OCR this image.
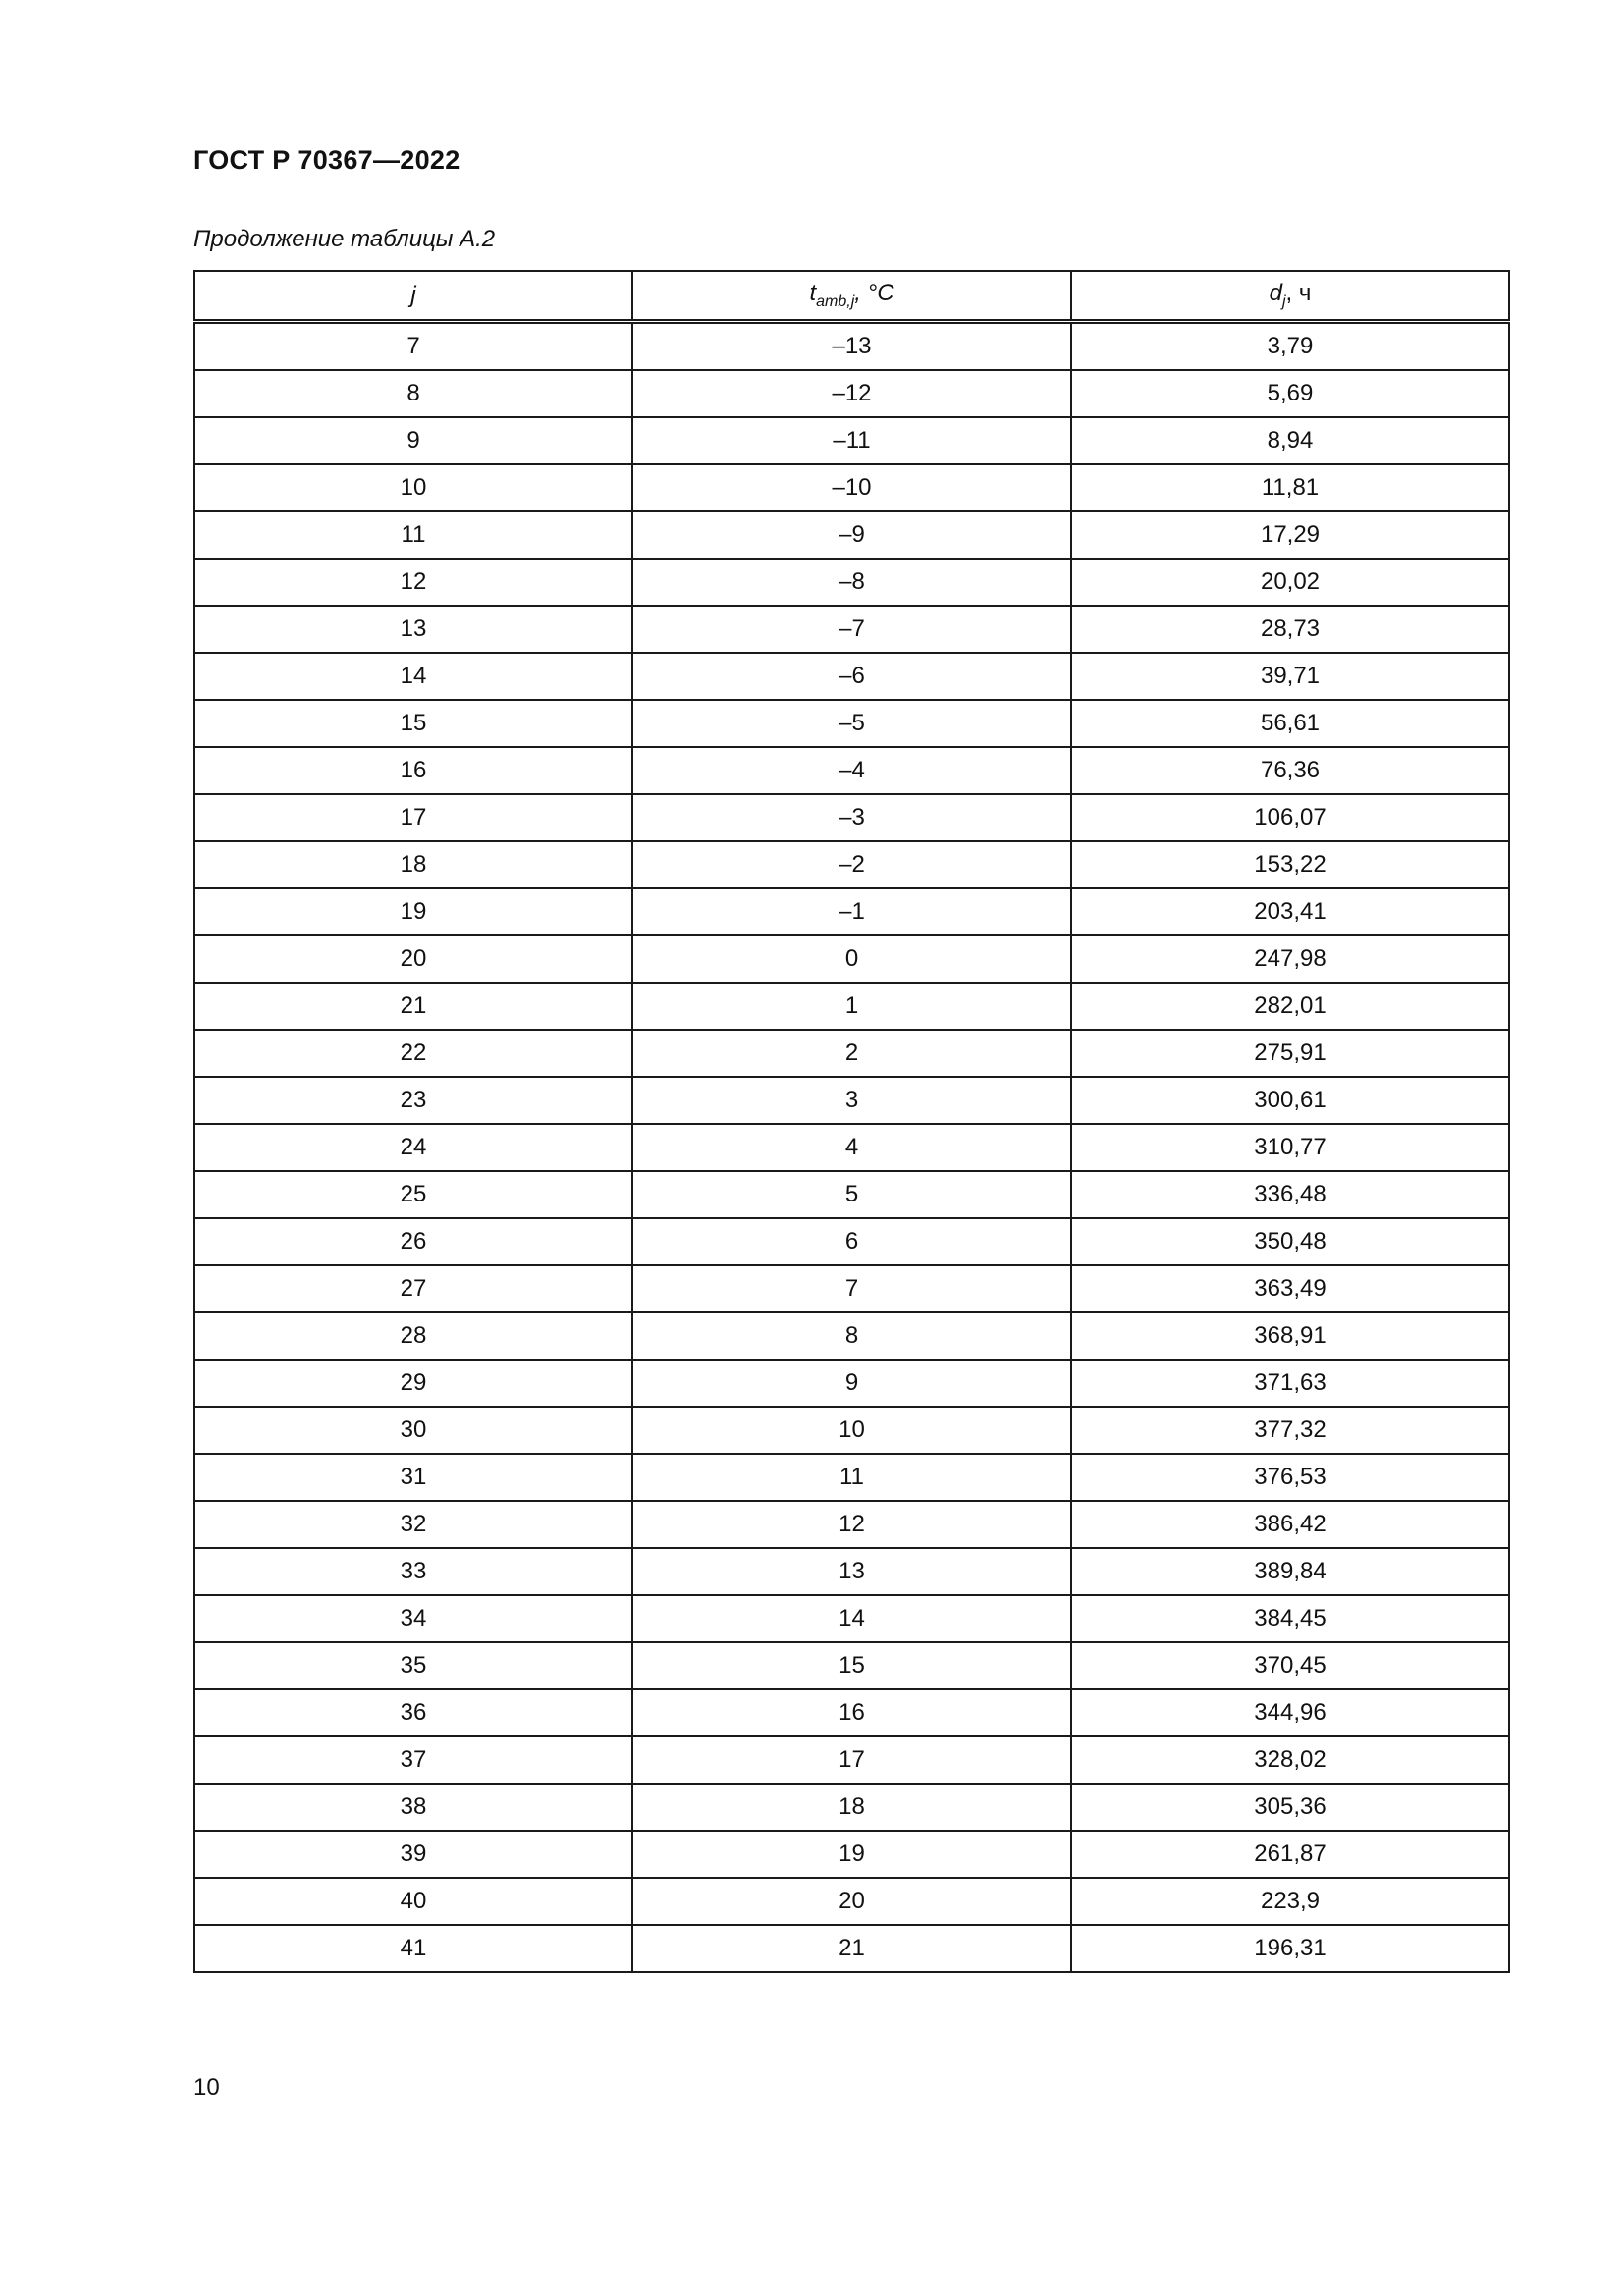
ГОСТ Р 70367—2022
Продолжение таблицы А.2
j	$t_{amb,j}$, °C	$d_j$, ч
7	–13	3,79
8	–12	5,69
9	–11	8,94
10	–10	11,81
11	–9	17,29
12	–8	20,02
13	–7	28,73
14	–6	39,71
15	–5	56,61
16	–4	76,36
17	–3	106,07
18	–2	153,22
19	–1	203,41
20	0	247,98
21	1	282,01
22	2	275,91
23	3	300,61
24	4	310,77
25	5	336,48
26	6	350,48
27	7	363,49
28	8	368,91
29	9	371,63
30	10	377,32
31	11	376,53
32	12	386,42
33	13	389,84
34	14	384,45
35	15	370,45
36	16	344,96
37	17	328,02
38	18	305,36
39	19	261,87
40	20	223,9
41	21	196,31
10
